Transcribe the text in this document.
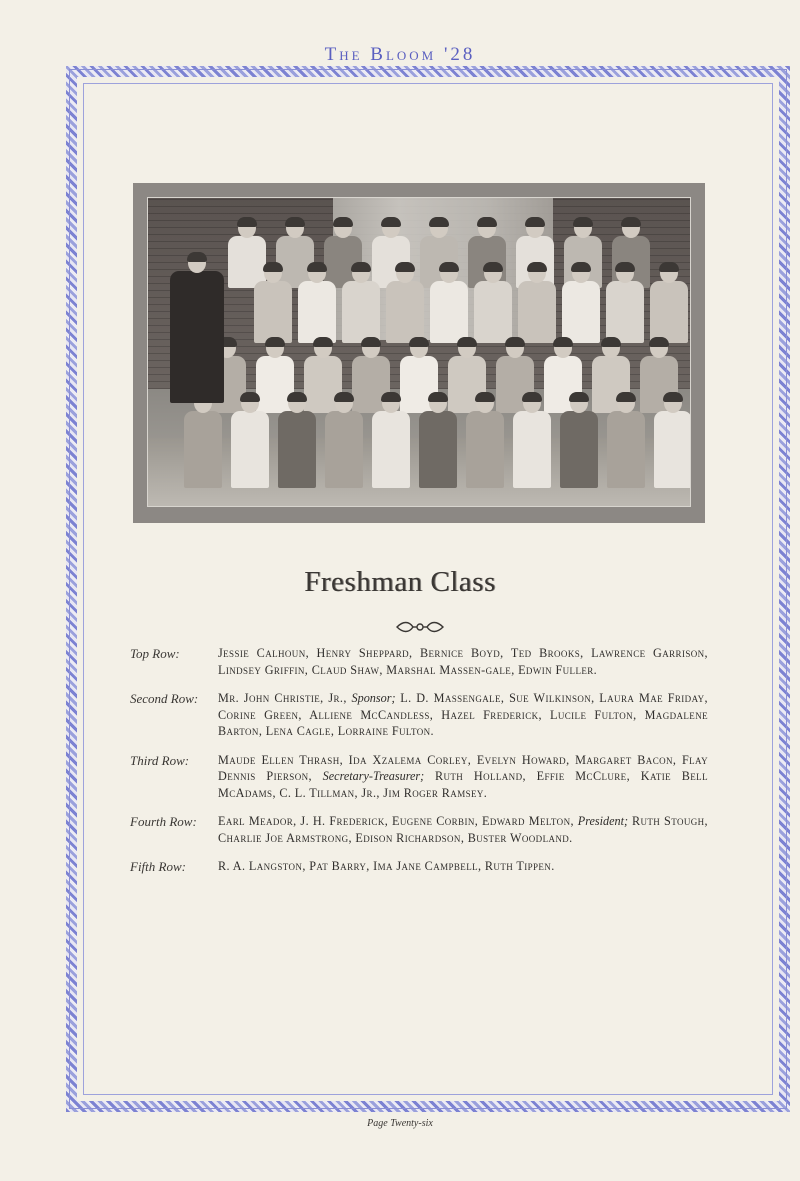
The Bloom '28
Freshman Class
Top Row:	Jessie Calhoun, Henry Sheppard, Bernice Boyd, Ted Brooks, Lawrence Garrison, Lindsey Griffin, Claud Shaw, Marshal Massen-gale, Edwin Fuller.
Second Row:	Mr. John Christie, Jr., Sponsor; L. D. Massengale, Sue Wilkinson, Laura Mae Friday, Corine Green, Alliene McCandless, Hazel Frederick, Lucile Fulton, Magdalene Barton, Lena Cagle, Lorraine Fulton.
Third Row:	Maude Ellen Thrash, Ida Xzalema Corley, Evelyn Howard, Margaret Bacon, Flay Dennis Pierson, Secretary-Treasurer; Ruth Holland, Effie McClure, Katie Bell McAdams, C. L. Tillman, Jr., Jim Roger Ramsey.
Fourth Row:	Earl Meador, J. H. Frederick, Eugene Corbin, Edward Melton, President; Ruth Stough, Charlie Joe Armstrong, Edison Richardson, Buster Woodland.
Fifth Row:	R. A. Langston, Pat Barry, Ima Jane Campbell, Ruth Tippen.
Page Twenty-six
